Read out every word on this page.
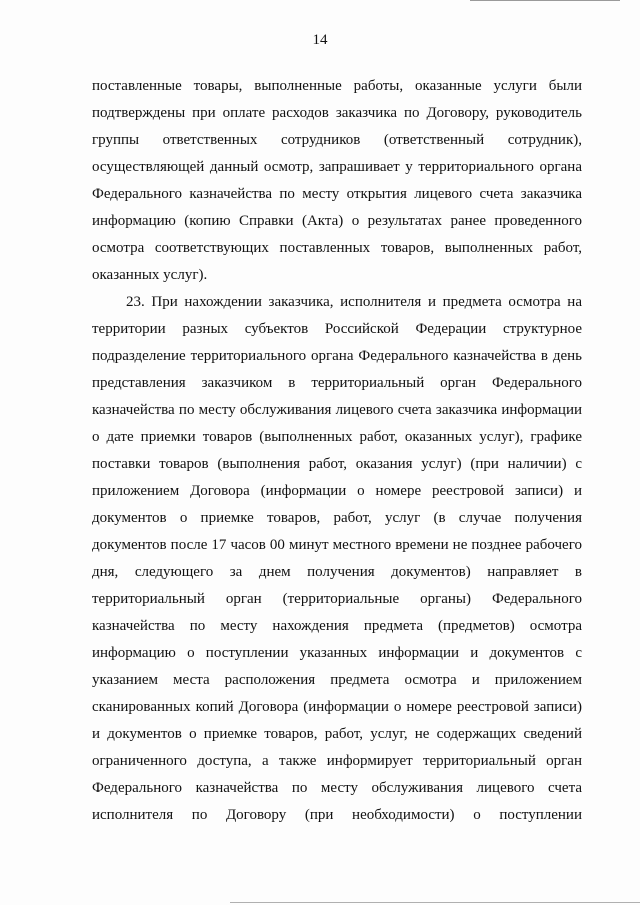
14
поставленные товары, выполненные работы, оказанные услуги были
подтверждены при оплате расходов заказчика по Договору, руководитель
группы ответственных сотрудников (ответственный сотрудник),
осуществляющей данный осмотр, запрашивает у территориального органа
Федерального казначейства по месту открытия лицевого счета заказчика
информацию (копию Справки (Акта) о результатах ранее проведенного
осмотра соответствующих поставленных товаров, выполненных работ,
оказанных услуг).
23. При нахождении заказчика, исполнителя и предмета осмотра на
территории разных субъектов Российской Федерации структурное
подразделение территориального органа Федерального казначейства в день
представления заказчиком в территориальный орган Федерального
казначейства по месту обслуживания лицевого счета заказчика информации
о дате приемки товаров (выполненных работ, оказанных услуг), графике
поставки товаров (выполнения работ, оказания услуг) (при наличии) с
приложением Договора (информации о номере реестровой записи) и
документов о приемке товаров, работ, услуг (в случае получения
документов после 17 часов 00 минут местного времени не позднее рабочего
дня, следующего за днем получения документов) направляет в
территориальный орган (территориальные органы) Федерального
казначейства по месту нахождения предмета (предметов) осмотра
информацию о поступлении указанных информации и документов с
указанием места расположения предмета осмотра и приложением
сканированных копий Договора (информации о номере реестровой записи)
и документов о приемке товаров, работ, услуг, не содержащих сведений
ограниченного доступа, а также информирует территориальный орган
Федерального казначейства по месту обслуживания лицевого счета
исполнителя по Договору (при необходимости) о поступлении
